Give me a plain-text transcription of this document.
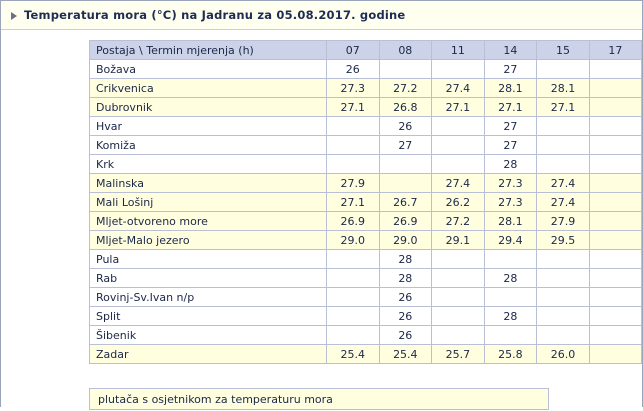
Temperatura mora (°C) na Jadranu za 05.08.2017. godine
Postaja \ Termin mjerenja (h)	07	08	11	14	15	17
Božava	26			27		
Crikvenica	27.3	27.2	27.4	28.1	28.1	
Dubrovnik	27.1	26.8	27.1	27.1	27.1	
Hvar		26		27		
Komiža		27		27		
Krk				28		
Malinska	27.9		27.4	27.3	27.4	
Mali Lošinj	27.1	26.7	26.2	27.3	27.4	
Mljet-otvoreno more	26.9	26.9	27.2	28.1	27.9	
Mljet-Malo jezero	29.0	29.0	29.1	29.4	29.5	
Pula		28				
Rab		28		28		
Rovinj-Sv.Ivan n/p		26				
Split		26		28		
Šibenik		26				
Zadar	25.4	25.4	25.7	25.8	26.0	
plutača s osjetnikom za temperaturu mora
